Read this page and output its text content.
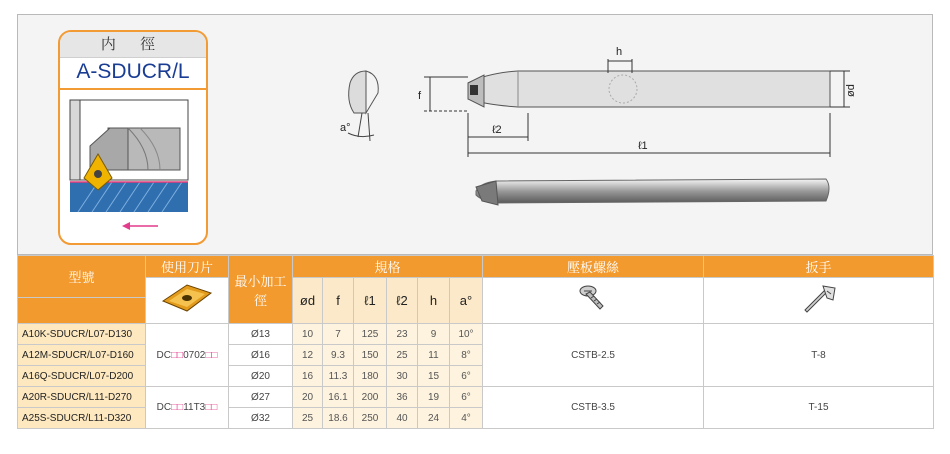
内 徑
A-SDUCR/L
a°
h
f	ød
ℓ2
ℓ1
型號	使用刀片	最小加工徑	規格						壓板螺絲	扳手
	ød	f	ℓ1	ℓ2	h	a°		

A10K-SDUCR/L07-D130	DC□□0702□□	Ø13	10	7	125	23	9	10°	CSTB-2.5	T-8
A12M-SDUCR/L07-D160		Ø16	12	9.3	150	25	11	8°		
A16Q-SDUCR/L07-D200		Ø20	16	11.3	180	30	15	6°		
A20R-SDUCR/L11-D270	DC□□11T3□□	Ø27	20	16.1	200	36	19	6°	CSTB-3.5	T-15
A25S-SDUCR/L11-D320		Ø32	25	18.6	250	40	24	4°		
